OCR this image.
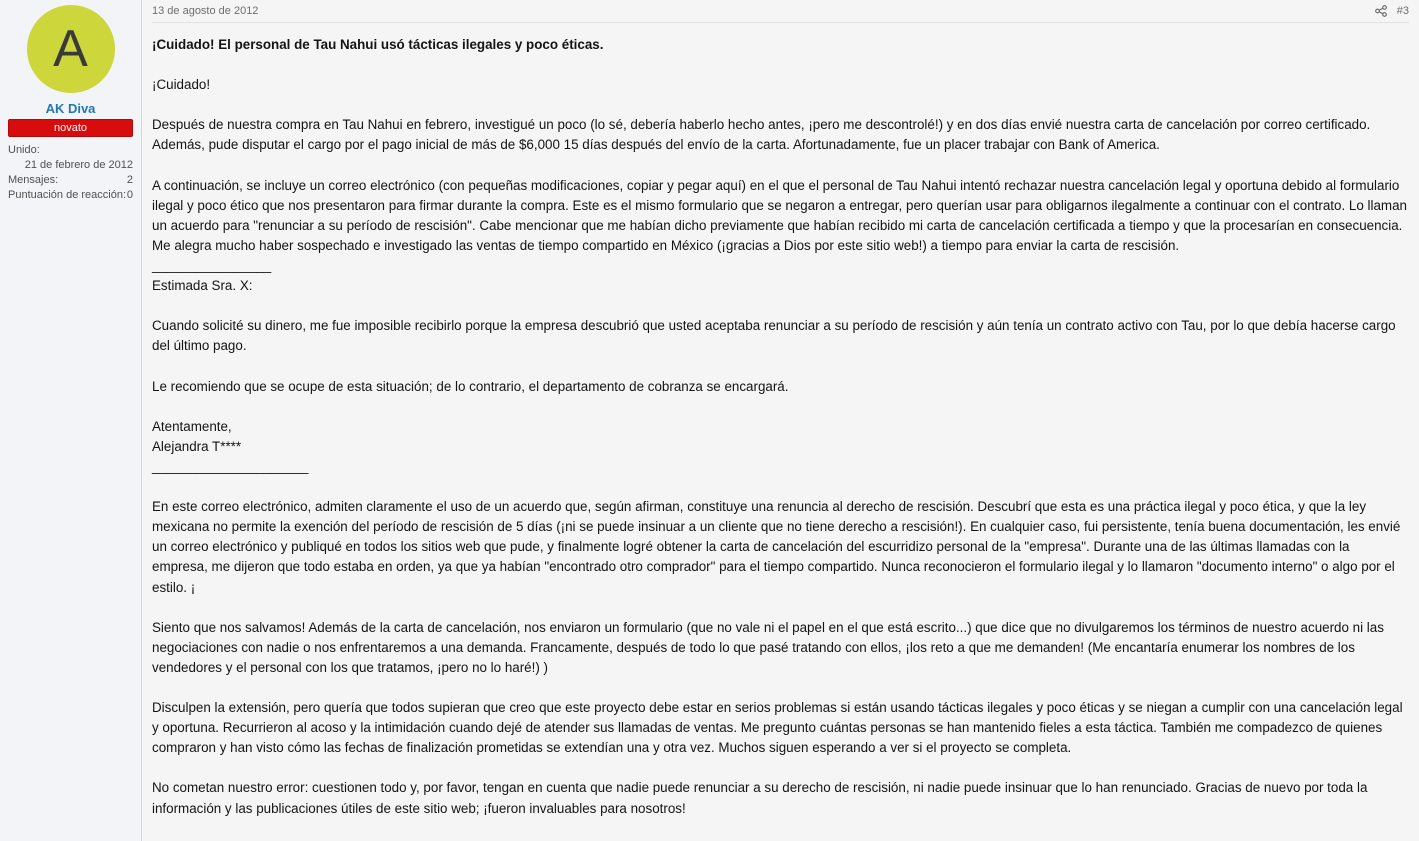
A
AK Diva
novato
Unido:
21 de febrero de 2012
Mensajes:	2
Puntuación de reacción: 0
13 de agosto de 2012	#3

¡Cuidado! El personal de Tau Nahui usó tácticas ilegales y poco éticas.

¡Cuidado!

Después de nuestra compra en Tau Nahui en febrero, investigué un poco (lo sé, debería haberlo hecho antes, ¡pero me descontrolé!) y en dos días envié nuestra carta de cancelación por correo certificado. Además, pude disputar el cargo por el pago inicial de más de $6,000 15 días después del envío de la carta. Afortunadamente, fue un placer trabajar con Bank of America.

A continuación, se incluye un correo electrónico (con pequeñas modificaciones, copiar y pegar aquí) en el que el personal de Tau Nahui intentó rechazar nuestra cancelación legal y oportuna debido al formulario ilegal y poco ético que nos presentaron para firmar durante la compra. Este es el mismo formulario que se negaron a entregar, pero querían usar para obligarnos ilegalmente a continuar con el contrato. Lo llaman un acuerdo para "renunciar a su período de rescisión". Cabe mencionar que me habían dicho previamente que habían recibido mi carta de cancelación certificada a tiempo y que la procesarían en consecuencia. Me alegra mucho haber sospechado e investigado las ventas de tiempo compartido en México (¡gracias a Dios por este sitio web!) a tiempo para enviar la carta de rescisión.
________________
Estimada Sra. X:

Cuando solicité su dinero, me fue imposible recibirlo porque la empresa descubrió que usted aceptaba renunciar a su período de rescisión y aún tenía un contrato activo con Tau, por lo que debía hacerse cargo del último pago.

Le recomiendo que se ocupe de esta situación; de lo contrario, el departamento de cobranza se encargará.

Atentamente,
Alejandra T****
_____________________

En este correo electrónico, admiten claramente el uso de un acuerdo que, según afirman, constituye una renuncia al derecho de rescisión. Descubrí que esta es una práctica ilegal y poco ética, y que la ley mexicana no permite la exención del período de rescisión de 5 días (¡ni se puede insinuar a un cliente que no tiene derecho a rescisión!). En cualquier caso, fui persistente, tenía buena documentación, les envié un correo electrónico y publiqué en todos los sitios web que pude, y finalmente logré obtener la carta de cancelación del escurridizo personal de la "empresa". Durante una de las últimas llamadas con la empresa, me dijeron que todo estaba en orden, ya que ya habían "encontrado otro comprador" para el tiempo compartido. Nunca reconocieron el formulario ilegal y lo llamaron "documento interno" o algo por el estilo. ¡

Siento que nos salvamos! Además de la carta de cancelación, nos enviaron un formulario (que no vale ni el papel en el que está escrito...) que dice que no divulgaremos los términos de nuestro acuerdo ni las negociaciones con nadie o nos enfrentaremos a una demanda. Francamente, después de todo lo que pasé tratando con ellos, ¡los reto a que me demanden! (Me encantaría enumerar los nombres de los vendedores y el personal con los que tratamos, ¡pero no lo haré!) )

Disculpen la extensión, pero quería que todos supieran que creo que este proyecto debe estar en serios problemas si están usando tácticas ilegales y poco éticas y se niegan a cumplir con una cancelación legal y oportuna. Recurrieron al acoso y la intimidación cuando dejé de atender sus llamadas de ventas. Me pregunto cuántas personas se han mantenido fieles a esta táctica. También me compadezco de quienes compraron y han visto cómo las fechas de finalización prometidas se extendían una y otra vez. Muchos siguen esperando a ver si el proyecto se completa.

No cometan nuestro error: cuestionen todo y, por favor, tengan en cuenta que nadie puede renunciar a su derecho de rescisión, ni nadie puede insinuar que lo han renunciado. Gracias de nuevo por toda la información y las publicaciones útiles de este sitio web; ¡fueron invaluables para nosotros!
